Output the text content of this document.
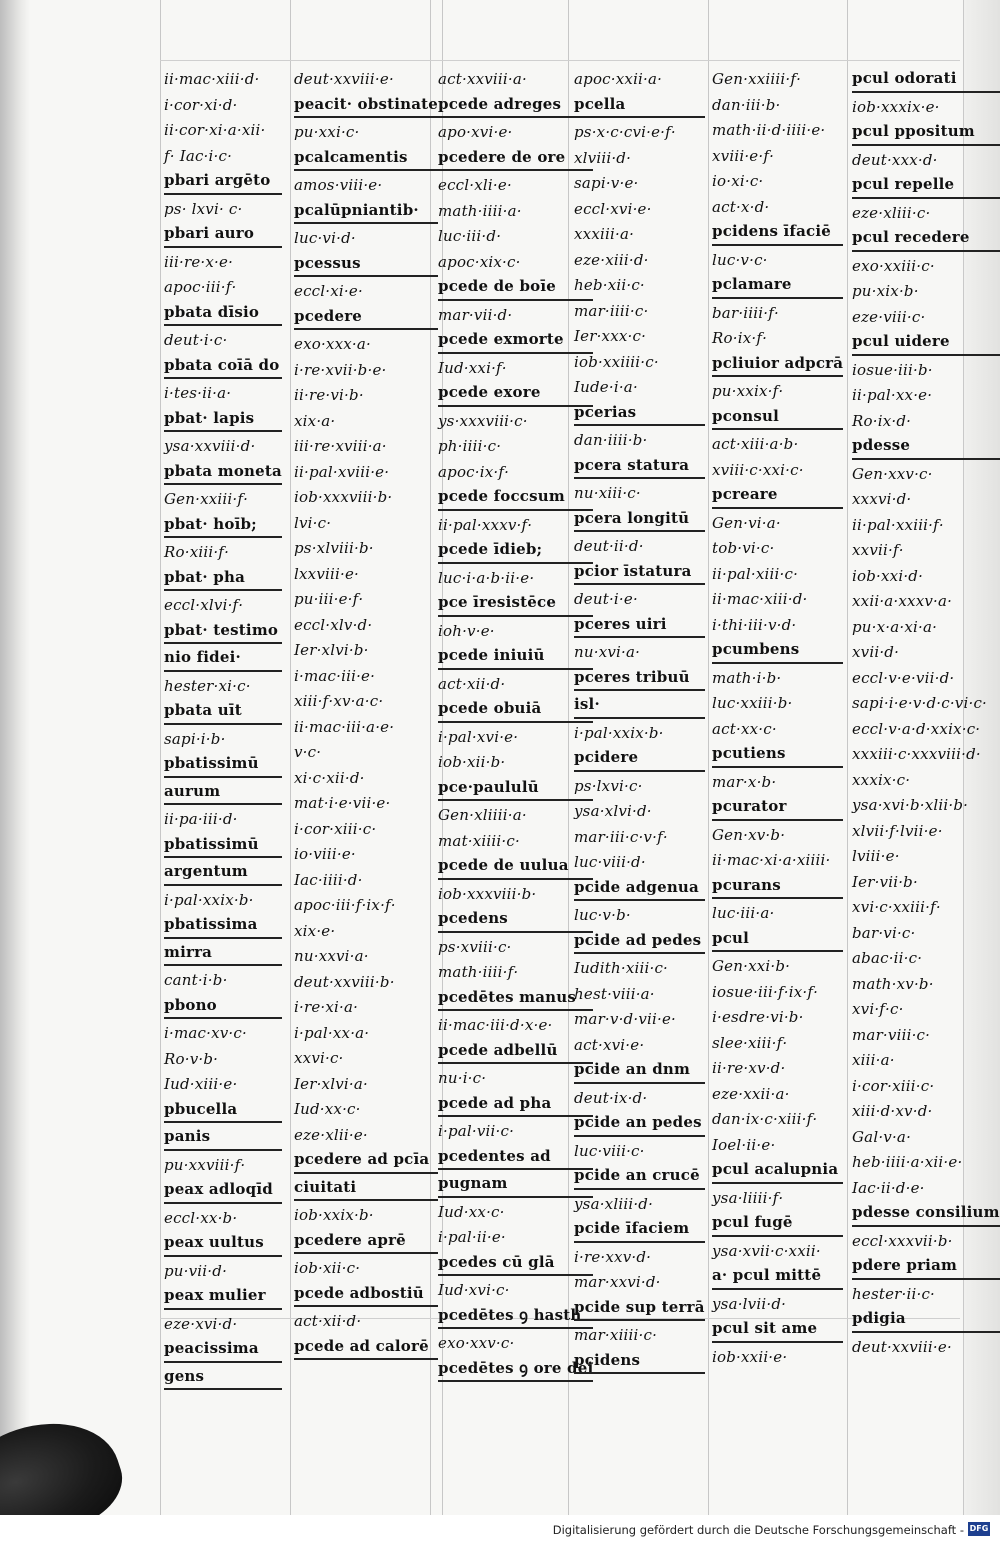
ii·mac·xiii·d·
i·cor·xi·d·
ii·cor·xi·a·xii·
f· Iac·i·c·
pbari argēto
ps· lxvi· c·
pbari auro
iii·re·x·e·
apoc·iii·f·
pbata dīsio
deut·i·c·
pbata coīā do
i·tes·ii·a·
pbat· lapis
ysa·xxviii·d·
pbata moneta
Gen·xxiii·f·
pbat· hoīb;
Ro·xiii·f·
pbat· pha
eccl·xlvi·f·
pbat· testimo
nio fidei·
hester·xi·c·
pbata uīt
sapi·i·b·
pbatissimū
aurum
ii·pa·iii·d·
pbatissimū
argentum
i·pal·xxix·b·
pbatissima
mirra
cant·i·b·
pbono
i·mac·xv·c·
Ro·v·b·
Iud·xiii·e·
pbucella
panis
pu·xxviii·f·
peax adloqīd
eccl·xx·b·
peax uultus
pu·vii·d·
peax mulier
eze·xvi·d·
peacissima
gens
deut·xxviii·e·
peacit· obstinate
pu·xxi·c·
pcalcamentis
amos·viii·e·
pcalūpniantib·
luc·vi·d·
pcessus
eccl·xi·e·
pcedere
exo·xxx·a·
i·re·xvii·b·e·
ii·re·vi·b·
xix·a·
iii·re·xviii·a·
ii·pal·xviii·e·
iob·xxxviii·b·
lvi·c·
ps·xlviii·b·
lxxviii·e·
pu·iii·e·f·
eccl·xlv·d·
Ier·xlvi·b·
i·mac·iii·e·
xiii·f·xv·a·c·
ii·mac·iii·a·e·
v·c·
xi·c·xii·d·
mat·i·e·vii·e·
i·cor·xiii·c·
io·viii·e·
Iac·iiii·d·
apoc·iii·f·ix·f·
xix·e·
nu·xxvi·a·
deut·xxviii·b·
i·re·xi·a·
i·pal·xx·a·
xxvi·c·
Ier·xlvi·a·
Iud·xx·c·
eze·xlii·e·
pcedere ad pcīa
ciuitati
iob·xxix·b·
pcedere aprē
iob·xii·c·
pcede adbostiū
act·xii·d·
pcede ad calorē
act·xxviii·a·
pcede adreges
apo·xvi·e·
pcedere de ore
eccl·xli·e·
math·iiii·a·
luc·iii·d·
apoc·xix·c·
pcede de boīe
mar·vii·d·
pcede exmorte
Iud·xxi·f·
pcede exore
ys·xxxviii·c·
ph·iiii·c·
apoc·ix·f·
pcede foccsum
ii·pal·xxxv·f·
pcede īdieb;
luc·i·a·b·ii·e·
pce īresistēce
ioh·v·e·
pcede iniuiū
act·xii·d·
pcede obuiā
i·pal·xvi·e·
iob·xii·b·
pce·paululū
Gen·xliiii·a·
mat·xiiii·c·
pcede de uulua
iob·xxxviii·b·
pcedens
ps·xviii·c·
math·iiii·f·
pcedētes manus
ii·mac·iii·d·x·e·
pcede adbellū
nu·i·c·
pcede ad pha
i·pal·vii·c·
pcedentes ad
pugnam
Iud·xx·c·
i·pal·ii·e·
pcedes cū glā
Iud·xvi·c·
pcedētes ꝯ hasth
exo·xxv·c·
pcedētes ꝯ ore dei
apoc·xxii·a·
pcella
ps·x·c·cvi·e·f·
xlviii·d·
sapi·v·e·
eccl·xvi·e·
xxxiii·a·
eze·xiii·d·
heb·xii·c·
mar·iiii·c·
Ier·xxx·c·
iob·xxiiii·c·
Iude·i·a·
pcerias
dan·iiii·b·
pcera statura
nu·xiii·c·
pcera longitū
deut·ii·d·
pcior īstatura
deut·i·e·
pceres uiri
nu·xvi·a·
pceres tribuū
isl·
i·pal·xxix·b·
pcidere
ps·lxvi·c·
ysa·xlvi·d·
mar·iii·c·v·f·
luc·viii·d·
pcide adgenua
luc·v·b·
pcide ad pedes
Iudith·xiii·c·
hest·viii·a·
mar·v·d·vii·e·
act·xvi·e·
pcide an dnm
deut·ix·d·
pcide an pedes
luc·viii·c·
pcide an crucē
ysa·xliii·d·
pcide īfaciem
i·re·xxv·d·
mar·xxvi·d·
pcide sup terrā
mar·xiiii·c·
pcidens
Gen·xxiiii·f·
dan·iii·b·
math·ii·d·iiii·e·
xviii·e·f·
io·xi·c·
act·x·d·
pcidens īfaciē
luc·v·c·
pclamare
bar·iiii·f·
Ro·ix·f·
pcliuior adpcrā
pu·xxix·f·
pconsul
act·xiii·a·b·
xviii·c·xxi·c·
pcreare
Gen·vi·a·
tob·vi·c·
ii·pal·xiii·c·
ii·mac·xiii·d·
i·thi·iii·v·d·
pcumbens
math·i·b·
luc·xxiii·b·
act·xx·c·
pcutiens
mar·x·b·
pcurator
Gen·xv·b·
ii·mac·xi·a·xiiii·
pcurans
luc·iii·a·
pcul
Gen·xxi·b·
iosue·iii·f·ix·f·
i·esdre·vi·b·
slee·xiii·f·
ii·re·xv·d·
eze·xxii·a·
dan·ix·c·xiii·f·
Ioel·ii·e·
pcul acalupnia
ysa·liiii·f·
pcul fugē
ysa·xvii·c·xxii·
a· pcul mittē
ysa·lvii·d·
pcul sit ame
iob·xxii·e·
pcul odorati
iob·xxxix·e·
pcul ppositum
deut·xxx·d·
pcul repelle
eze·xliii·c·
pcul recedere
exo·xxiii·c·
pu·xix·b·
eze·viii·c·
pcul uidere
iosue·iii·b·
ii·pal·xx·e·
Ro·ix·d·
pdesse
Gen·xxv·c·
xxxvi·d·
ii·pal·xxiii·f·
xxvii·f·
iob·xxi·d·
xxii·a·xxxv·a·
pu·x·a·xi·a·
xvii·d·
eccl·v·e·vii·d·
sapi·i·e·v·d·c·vi·c·
eccl·v·a·d·xxix·c·
xxxiii·c·xxxviii·d·
xxxix·c·
ysa·xvi·b·xlii·b·
xlvii·f·lvii·e·
lviii·e·
Ier·vii·b·
xvi·c·xxiii·f·
bar·vi·c·
abac·ii·c·
math·xv·b·
xvi·f·c·
mar·viii·c·
xiii·a·
i·cor·xiii·c·
xiii·d·xv·d·
Gal·v·a·
heb·iiii·a·xii·e·
Iac·ii·d·e·
pdesse consilium
eccl·xxxvii·b·
pdere priam
hester·ii·c·
pdigia
deut·xxviii·e·
Digitalisierung gefördert durch die Deutsche Forschungsgemeinschaft - DFG
